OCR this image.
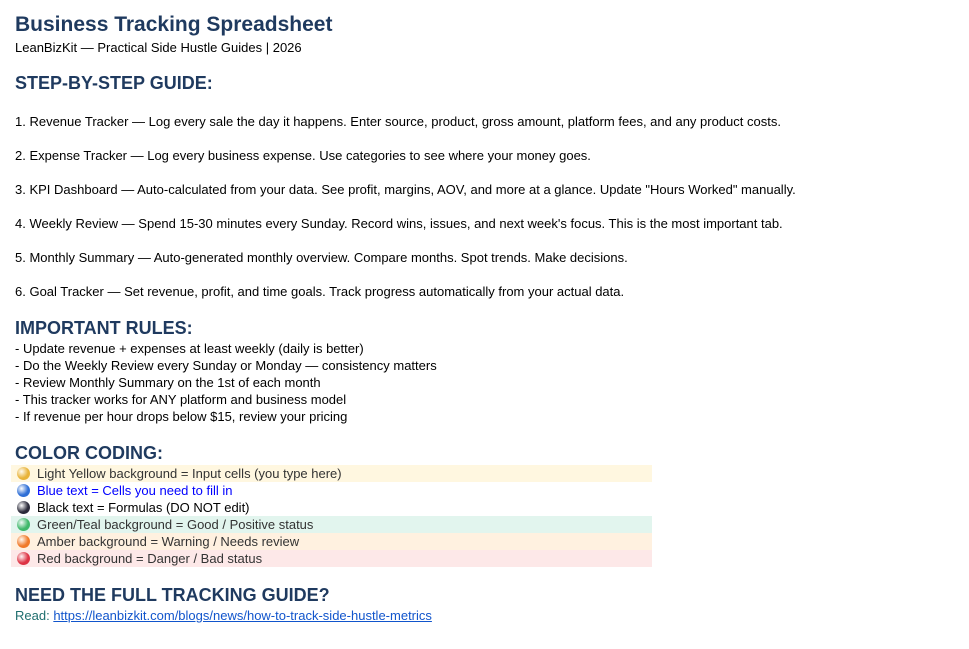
Business Tracking Spreadsheet
LeanBizKit — Practical Side Hustle Guides | 2026
STEP-BY-STEP GUIDE:
1. Revenue Tracker — Log every sale the day it happens. Enter source, product, gross amount, platform fees, and any product costs.
2. Expense Tracker — Log every business expense. Use categories to see where your money goes.
3. KPI Dashboard — Auto-calculated from your data. See profit, margins, AOV, and more at a glance. Update "Hours Worked" manually.
4. Weekly Review — Spend 15-30 minutes every Sunday. Record wins, issues, and next week's focus. This is the most important tab.
5. Monthly Summary — Auto-generated monthly overview. Compare months. Spot trends. Make decisions.
6. Goal Tracker — Set revenue, profit, and time goals. Track progress automatically from your actual data.
IMPORTANT RULES:
- Update revenue + expenses at least weekly (daily is better)
- Do the Weekly Review every Sunday or Monday — consistency matters
- Review Monthly Summary on the 1st of each month
- This tracker works for ANY platform and business model
- If revenue per hour drops below $15, review your pricing
COLOR CODING:
Light Yellow background = Input cells (you type here)
Blue text = Cells you need to fill in
Black text = Formulas (DO NOT edit)
Green/Teal background = Good / Positive status
Amber background = Warning / Needs review
Red background = Danger / Bad status
NEED THE FULL TRACKING GUIDE?
Read: https://leanbizkit.com/blogs/news/how-to-track-side-hustle-metrics
